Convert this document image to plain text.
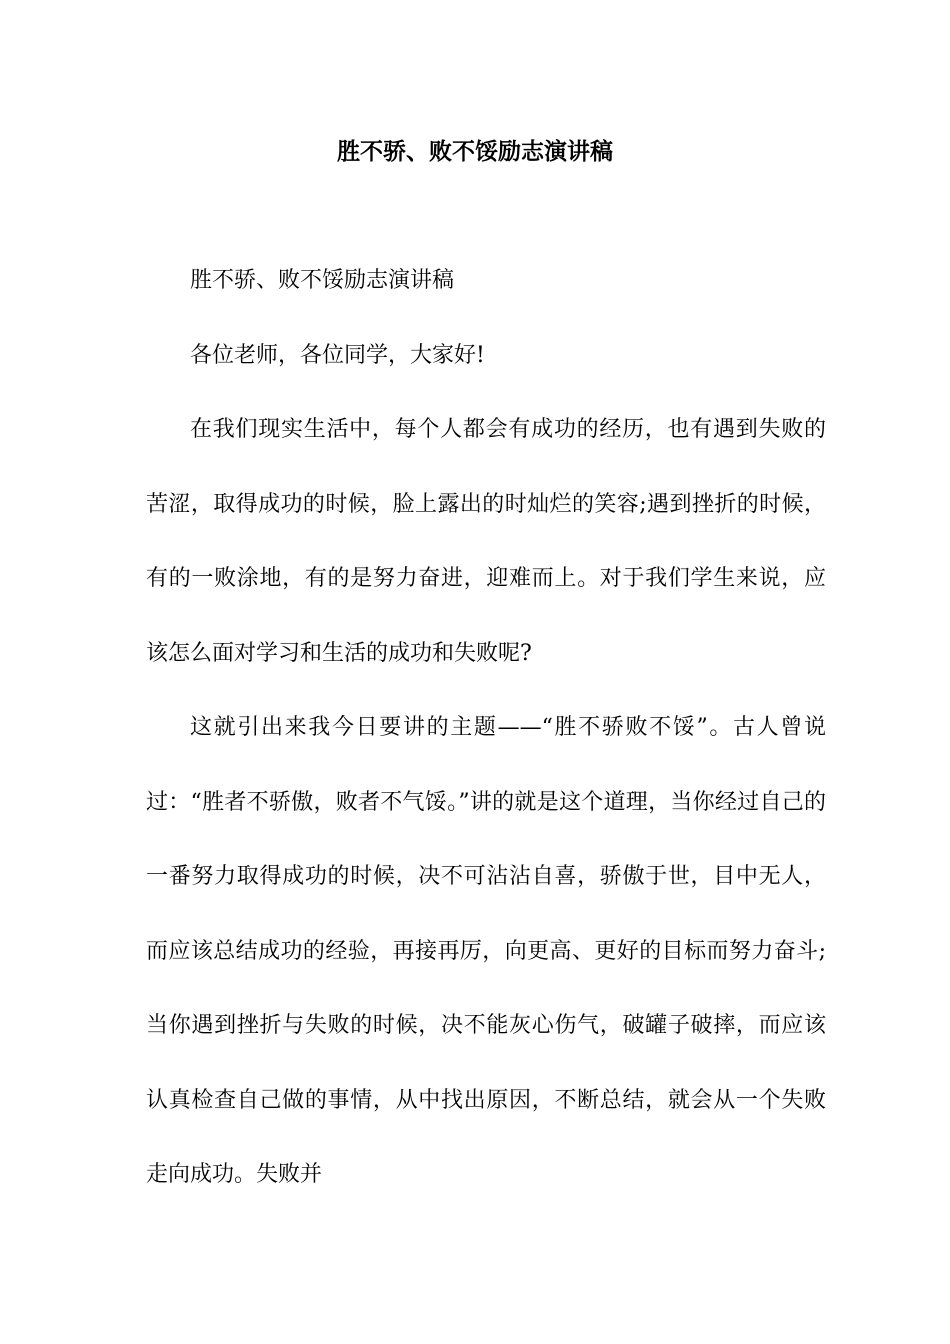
胜不骄、败不馁励志演讲稿

胜不骄、败不馁励志演讲稿

各位老师，各位同学，大家好!

在我们现实生活中，每个人都会有成功的经历，也有遇到失败的苦涩，取得成功的时候，脸上露出的时灿烂的笑容;遇到挫折的时候，有的一败涂地，有的是努力奋进，迎难而上。对于我们学生来说，应该怎么面对学习和生活的成功和失败呢?

这就引出来我今日要讲的主题——“胜不骄败不馁”。古人曾说过：“胜者不骄傲，败者不气馁。”讲的就是这个道理，当你经过自己的一番努力取得成功的时候，决不可沾沾自喜，骄傲于世，目中无人，而应该总结成功的经验，再接再厉，向更高、更好的目标而努力奋斗;当你遇到挫折与失败的时候，决不能灰心伤气，破罐子破摔，而应该认真检查自己做的事情，从中找出原因，不断总结，就会从一个失败走向成功。失败并
